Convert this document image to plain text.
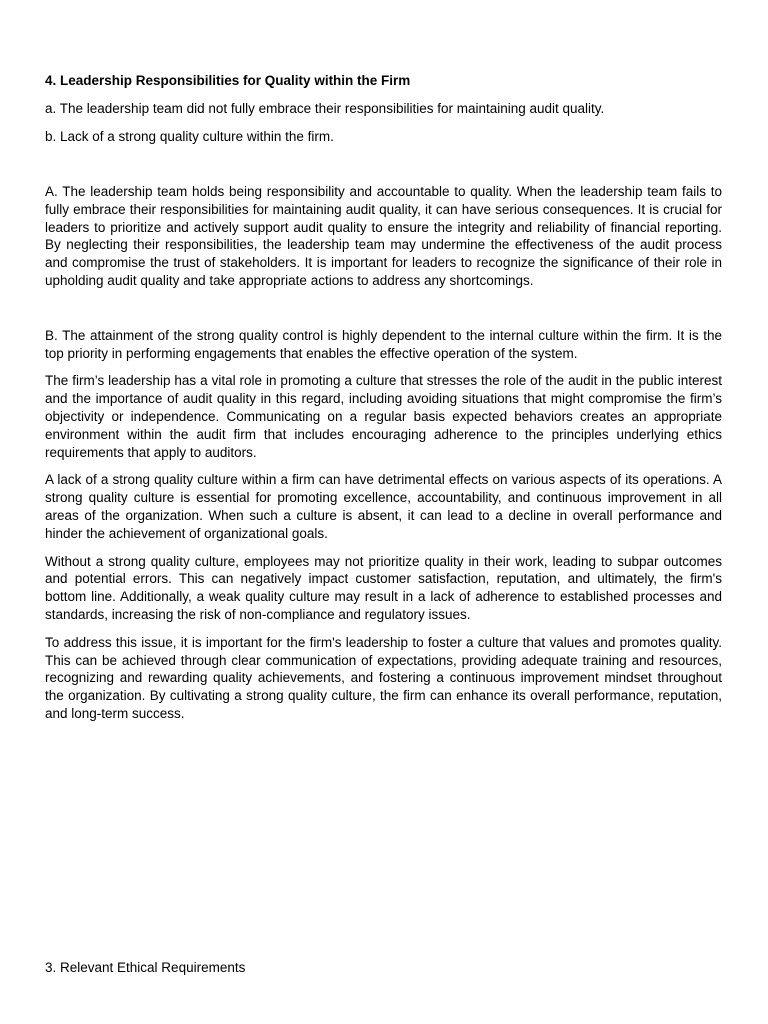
4. Leadership Responsibilities for Quality within the Firm
a. The leadership team did not fully embrace their responsibilities for maintaining audit quality.
b. Lack of a strong quality culture within the firm.
A. The leadership team holds being responsibility and accountable to quality. When the leadership team fails to fully embrace their responsibilities for maintaining audit quality, it can have serious consequences. It is crucial for leaders to prioritize and actively support audit quality to ensure the integrity and reliability of financial reporting. By neglecting their responsibilities, the leadership team may undermine the effectiveness of the audit process and compromise the trust of stakeholders. It is important for leaders to recognize the significance of their role in upholding audit quality and take appropriate actions to address any shortcomings.
B. The attainment of the strong quality control is highly dependent to the internal culture within the firm. It is the top priority in performing engagements that enables the effective operation of the system.
The firm’s leadership has a vital role in promoting a culture that stresses the role of the audit in the public interest and the importance of audit quality in this regard, including avoiding situations that might compromise the firm’s objectivity or independence. Communicating on a regular basis expected behaviors creates an appropriate environment within the audit firm that includes encouraging adherence to the principles underlying ethics requirements that apply to auditors.
A lack of a strong quality culture within a firm can have detrimental effects on various aspects of its operations. A strong quality culture is essential for promoting excellence, accountability, and continuous improvement in all areas of the organization. When such a culture is absent, it can lead to a decline in overall performance and hinder the achievement of organizational goals.
Without a strong quality culture, employees may not prioritize quality in their work, leading to subpar outcomes and potential errors. This can negatively impact customer satisfaction, reputation, and ultimately, the firm's bottom line. Additionally, a weak quality culture may result in a lack of adherence to established processes and standards, increasing the risk of non-compliance and regulatory issues.
To address this issue, it is important for the firm's leadership to foster a culture that values and promotes quality. This can be achieved through clear communication of expectations, providing adequate training and resources, recognizing and rewarding quality achievements, and fostering a continuous improvement mindset throughout the organization. By cultivating a strong quality culture, the firm can enhance its overall performance, reputation, and long-term success.
3. Relevant Ethical Requirements
